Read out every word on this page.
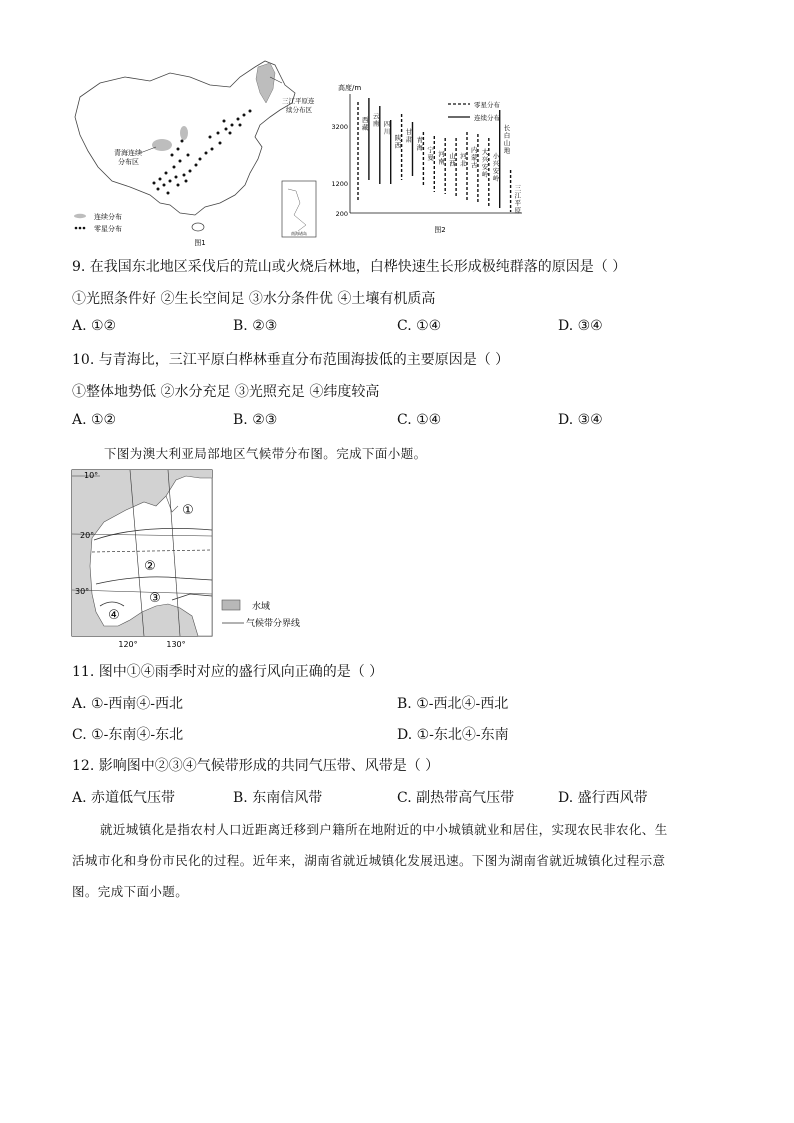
南海诸岛
连续分布
零星分布
青海连续
分布区
三江平原连
续分布区
图1
高度/m
3200
1200
200
零星分布
连续分布
西
藏
云
南 四
川
陕
西
甘
肃 青
海 宁
夏 河
南
山
西
河
北
内
蒙
古
大
兴
安
岭
小
兴
安
岭
长
白
山
地
三
江
平
原
图2
9. 在我国东北地区采伐后的荒山或火烧后林地，白桦快速生长形成极纯群落的原因是（ ）
①光照条件好 ②生长空间足 ③水分条件优 ④土壤有机质高
A. ①②	B. ②③	C. ①④	D. ③④
10. 与青海比，三江平原白桦林垂直分布范围海拔低的主要原因是（ ）
①整体地势低 ②水分充足 ③光照充足 ④纬度较高
A. ①②	B. ②③	C. ①④	D. ③④
下图为澳大利亚局部地区气候带分布图。完成下面小题。
①
②
③
④
10°
20°
30°
120°	130°
水域
气候带分界线
11. 图中①④雨季时对应的盛行风向正确的是（ ）
A. ①-西南④-西北	B. ①-西北④-西北
C. ①-东南④-东北	D. ①-东北④-东南
12. 影响图中②③④气候带形成的共同气压带、风带是（ ）
A. 赤道低气压带	B. 东南信风带	C. 副热带高气压带	D. 盛行西风带
就近城镇化是指农村人口近距离迁移到户籍所在地附近的中小城镇就业和居住，实现农民非农化、生
活城市化和身份市民化的过程。近年来，湖南省就近城镇化发展迅速。下图为湖南省就近城镇化过程示意
图。完成下面小题。
